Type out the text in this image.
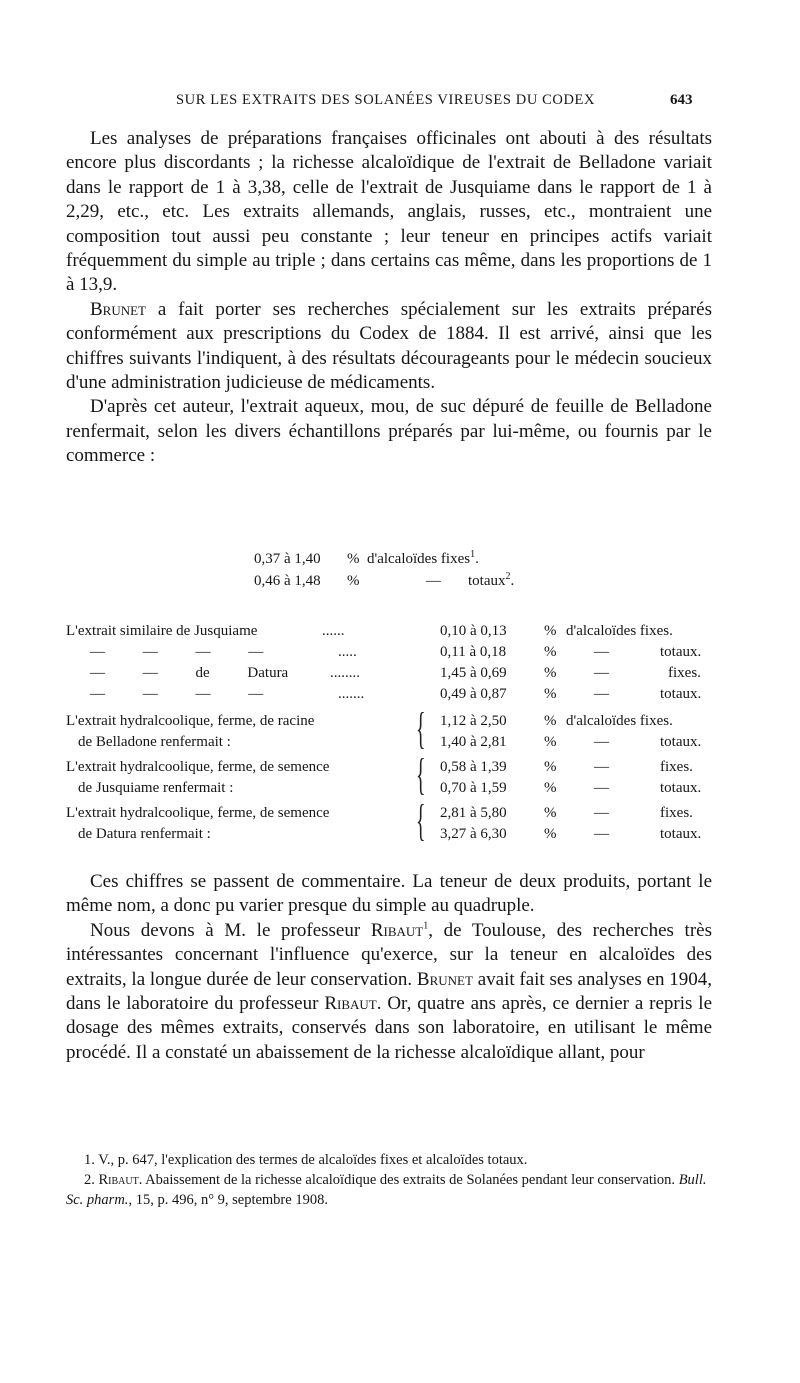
SUR LES EXTRAITS DES SOLANÉES VIREUSES DU CODEX	643

Les analyses de préparations françaises officinales ont abouti à des résultats encore plus discordants ; la richesse alcaloïdique de l'extrait de Belladone variait dans le rapport de 1 à 3,38, celle de l'extrait de Jusquiame dans le rapport de 1 à 2,29, etc., etc. Les extraits allemands, anglais, russes, etc., montraient une composition tout aussi peu constante ; leur teneur en principes actifs variait fréquemment du simple au triple ; dans certains cas même, dans les proportions de 1 à 13,9.

Brunet a fait porter ses recherches spécialement sur les extraits préparés conformément aux prescriptions du Codex de 1884. Il est arrivé, ainsi que les chiffres suivants l'indiquent, à des résultats décourageants pour le médecin soucieux d'une administration judicieuse de médicaments.

D'après cet auteur, l'extrait aqueux, mou, de suc dépuré de feuille de Belladone renfermait, selon les divers échantillons préparés par lui-même, ou fournis par le commerce :

0,37 à 1,40 % d'alcaloïdes fixes$^1$.
0,46 à 1,48 %	— totaux$^2$.
L'extrait similaire de Jusquiame	......	0,10 à 0,13 % d'alcaloïdes fixes.
— — — —	.....	0,11 à 0,18	%	—	totaux.
— — de Datura	........	1,45 à 0,69 %	—	fixes.
— — — —	.......	0,49 à 0,87 %	—	totaux.
L'extrait hydralcoolique, ferme, de racine	1,12 à 2,50 % d'alcaloïdes fixes.
de Belladone renfermait :	1,40 à 2,81 %	—	totaux.
{
L'extrait hydralcoolique, ferme, de semence	0,58 à 1,39 %	—	fixes.
de Jusquiame renfermait :	0,70 à 1,59 %	—	totaux.
{
L'extrait hydralcoolique, ferme, de semence	2,81 à 5,80 %	—	fixes.
de Datura renfermait :	3,27 à 6,30 %	—	totaux.
{

Ces chiffres se passent de commentaire. La teneur de deux produits, portant le même nom, a donc pu varier presque du simple au quadruple.

Nous devons à M. le professeur Ribaut$^1$, de Toulouse, des recherches très intéressantes concernant l'influence qu'exerce, sur la teneur en alcaloïdes des extraits, la longue durée de leur conservation. Brunet avait fait ses analyses en 1904, dans le laboratoire du professeur Ribaut. Or, quatre ans après, ce dernier a repris le dosage des mêmes extraits, conservés dans son laboratoire, en utilisant le même procédé. Il a constaté un abaissement de la richesse alcaloïdique allant, pour

1. V., p. 647, l'explication des termes de alcaloïdes fixes et alcaloïdes totaux.

2. Ribaut. Abaissement de la richesse alcaloïdique des extraits de Solanées pendant leur conservation. Bull. Sc. pharm., 15, p. 496, n° 9, septembre 1908.
